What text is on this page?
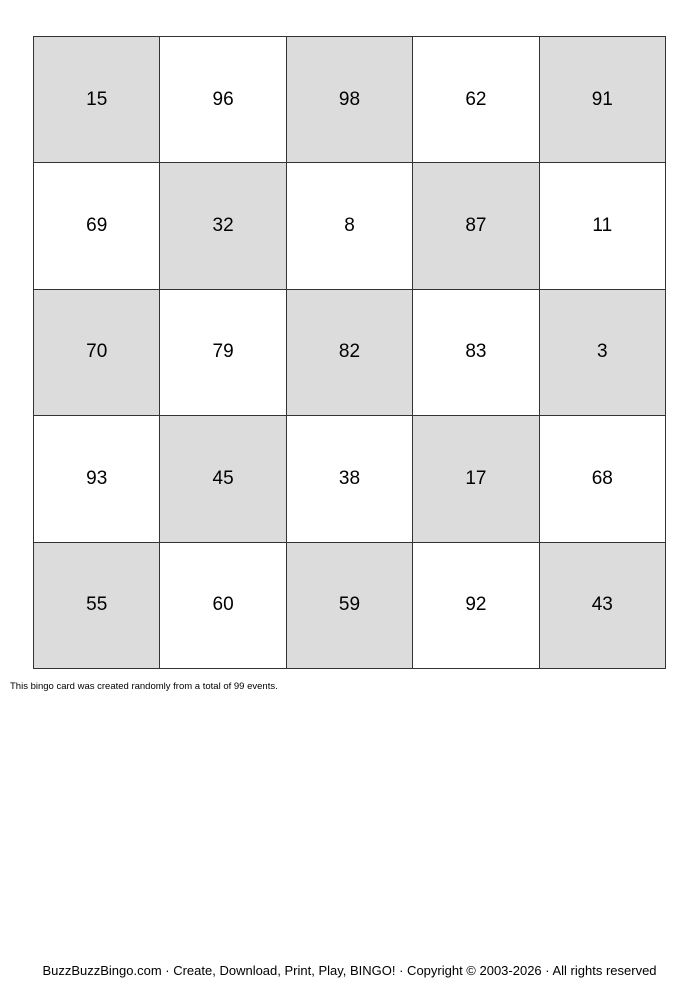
15	96	98	62	91
69	32	8	87	11
70	79	82	83	3
93	45	38	17	68
55	60	59	92	43
This bingo card was created randomly from a total of 99 events.
BuzzBuzzBingo.com · Create, Download, Print, Play, BINGO! · Copyright © 2003-2026 · All rights reserved
